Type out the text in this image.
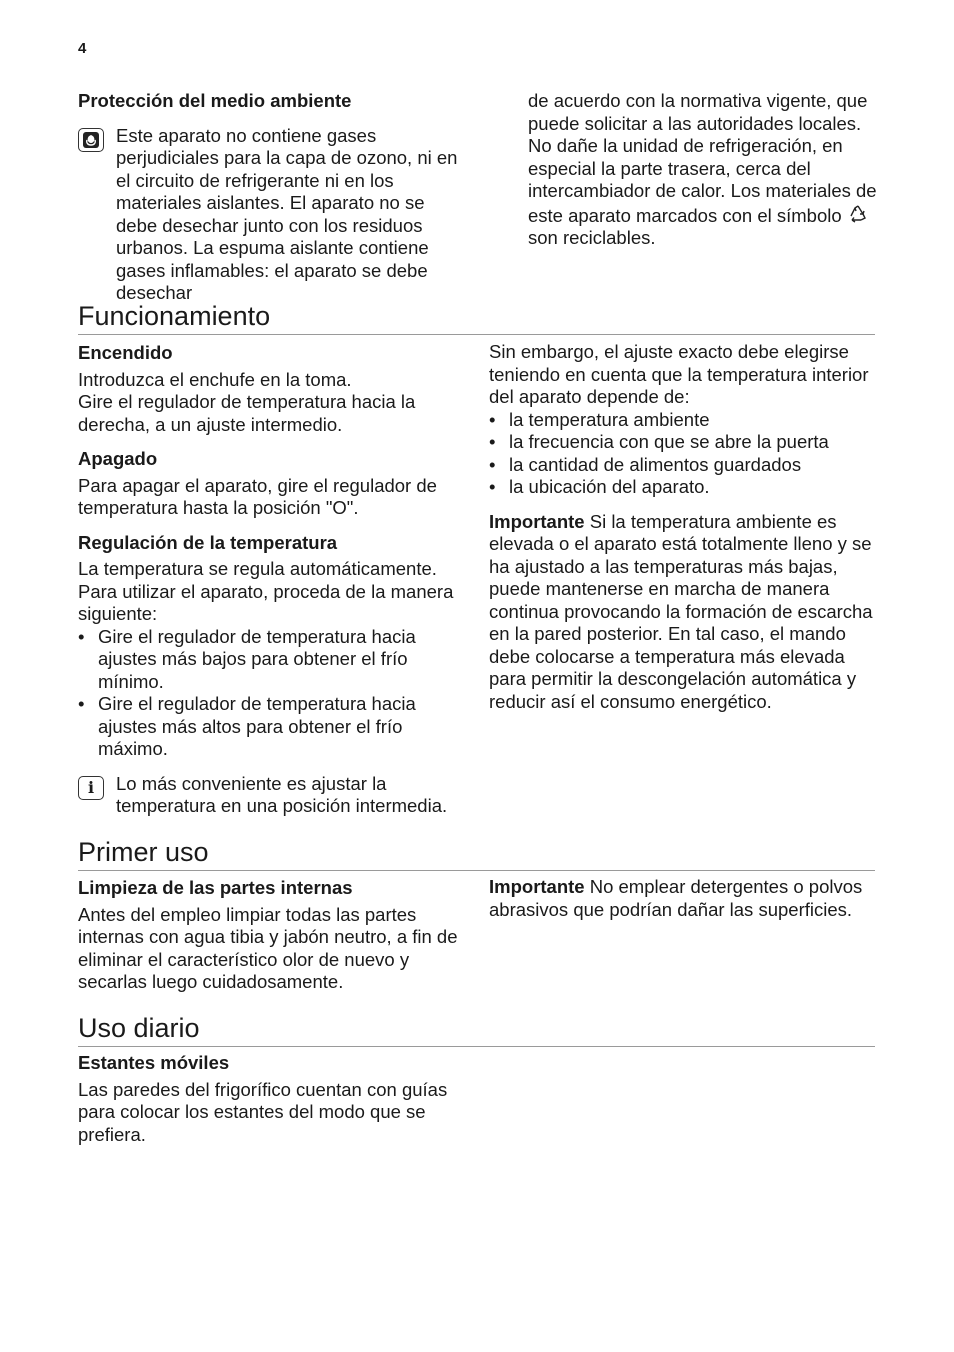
4
Protección del medio ambiente
Este aparato no contiene gases perjudiciales para la capa de ozono, ni en el circuito de refrigerante ni en los materiales aislantes. El aparato no se debe desechar junto con los residuos urbanos. La espuma aislante contiene gases inflamables: el aparato se debe desechar
de acuerdo con la normativa vigente, que puede solicitar a las autoridades locales. No dañe la unidad de refrigeración, en especial la parte trasera, cerca del intercambiador de calor. Los materiales de este aparato marcados con el símbolo  son reciclables.
Funcionamiento
Encendido

Introduzca el enchufe en la toma.

Gire el regulador de temperatura hacia la derecha, a un ajuste intermedio.

Apagado

Para apagar el aparato, gire el regulador de temperatura hasta la posición "O".

Regulación de la temperatura

La temperatura se regula automáticamente. Para utilizar el aparato, proceda de la manera siguiente:

• Gire el regulador de temperatura hacia ajustes más bajos para obtener el frío mínimo.
• Gire el regulador de temperatura hacia ajustes más altos para obtener el frío máximo.
i	Lo más conveniente es ajustar la temperatura en una posición intermedia.

Sin embargo, el ajuste exacto debe elegirse teniendo en cuenta que la temperatura interior del aparato depende de:

• la temperatura ambiente
• la frecuencia con que se abre la puerta
• la cantidad de alimentos guardados
• la ubicación del aparato.

Importante Si la temperatura ambiente es elevada o el aparato está totalmente lleno y se ha ajustado a las temperaturas más bajas, puede mantenerse en marcha de manera continua provocando la formación de escarcha en la pared posterior. En tal caso, el mando debe colocarse a temperatura más elevada para permitir la descongelación automática y reducir así el consumo energético.

Primer uso
Limpieza de las partes internas

Antes del empleo limpiar todas las partes internas con agua tibia y jabón neutro, a fin de eliminar el característico olor de nuevo y secarlas luego cuidadosamente.

Importante No emplear detergentes o polvos abrasivos que podrían dañar las superficies.

Uso diario
Estantes móviles

Las paredes del frigorífico cuentan con guías para colocar los estantes del modo que se prefiera.
